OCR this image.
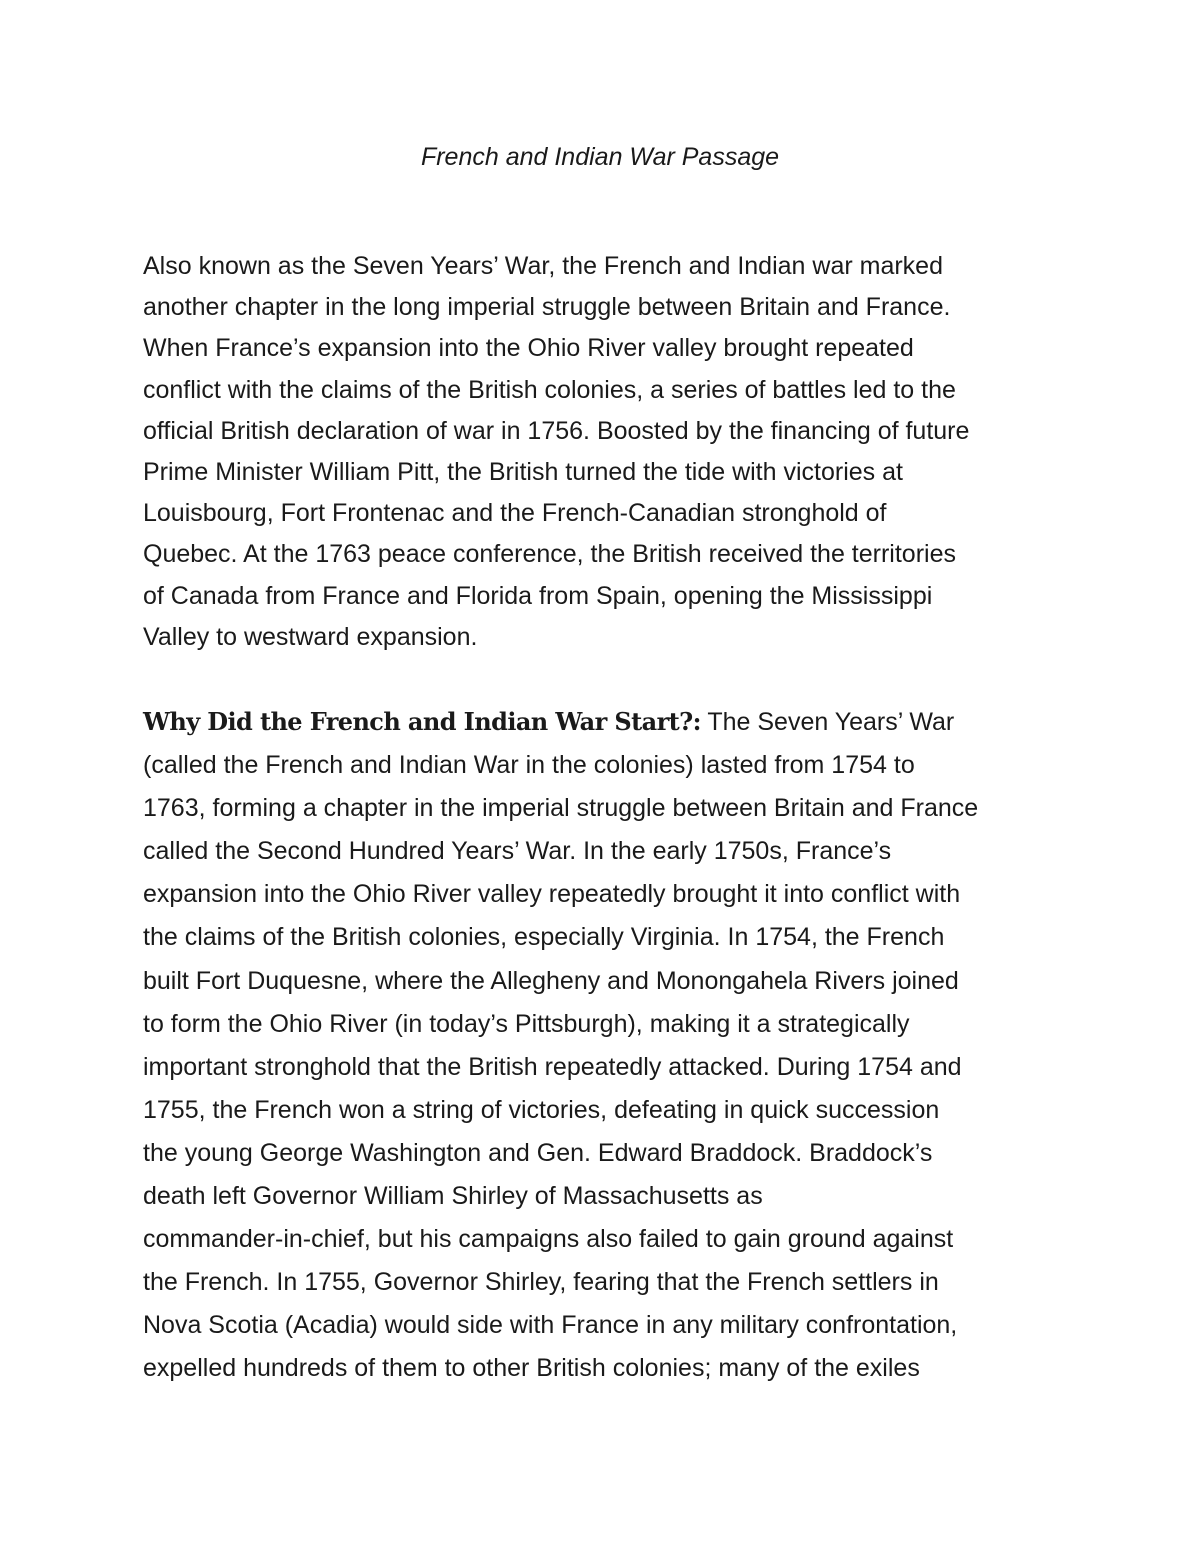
French and Indian War Passage
Also known as the Seven Years’ War, the French and Indian war marked
another chapter in the long imperial struggle between Britain and France.
When France’s expansion into the Ohio River valley brought repeated
conflict with the claims of the British colonies, a series of battles led to the
official British declaration of war in 1756. Boosted by the financing of future
Prime Minister William Pitt, the British turned the tide with victories at
Louisbourg, Fort Frontenac and the French-Canadian stronghold of
Quebec. At the 1763 peace conference, the British received the territories
of Canada from France and Florida from Spain, opening the Mississippi
Valley to westward expansion.
Why Did the French and Indian War Start?: The Seven Years’ War
(called the French and Indian War in the colonies) lasted from 1754 to
1763, forming a chapter in the imperial struggle between Britain and France
called the Second Hundred Years’ War. In the early 1750s, France’s
expansion into the Ohio River valley repeatedly brought it into conflict with
the claims of the British colonies, especially Virginia. In 1754, the French
built Fort Duquesne, where the Allegheny and Monongahela Rivers joined
to form the Ohio River (in today’s Pittsburgh), making it a strategically
important stronghold that the British repeatedly attacked. During 1754 and
1755, the French won a string of victories, defeating in quick succession
the young George Washington and Gen. Edward Braddock. Braddock’s
death left Governor William Shirley of Massachusetts as
commander-in-chief, but his campaigns also failed to gain ground against
the French. In 1755, Governor Shirley, fearing that the French settlers in
Nova Scotia (Acadia) would side with France in any military confrontation,
expelled hundreds of them to other British colonies; many of the exiles
